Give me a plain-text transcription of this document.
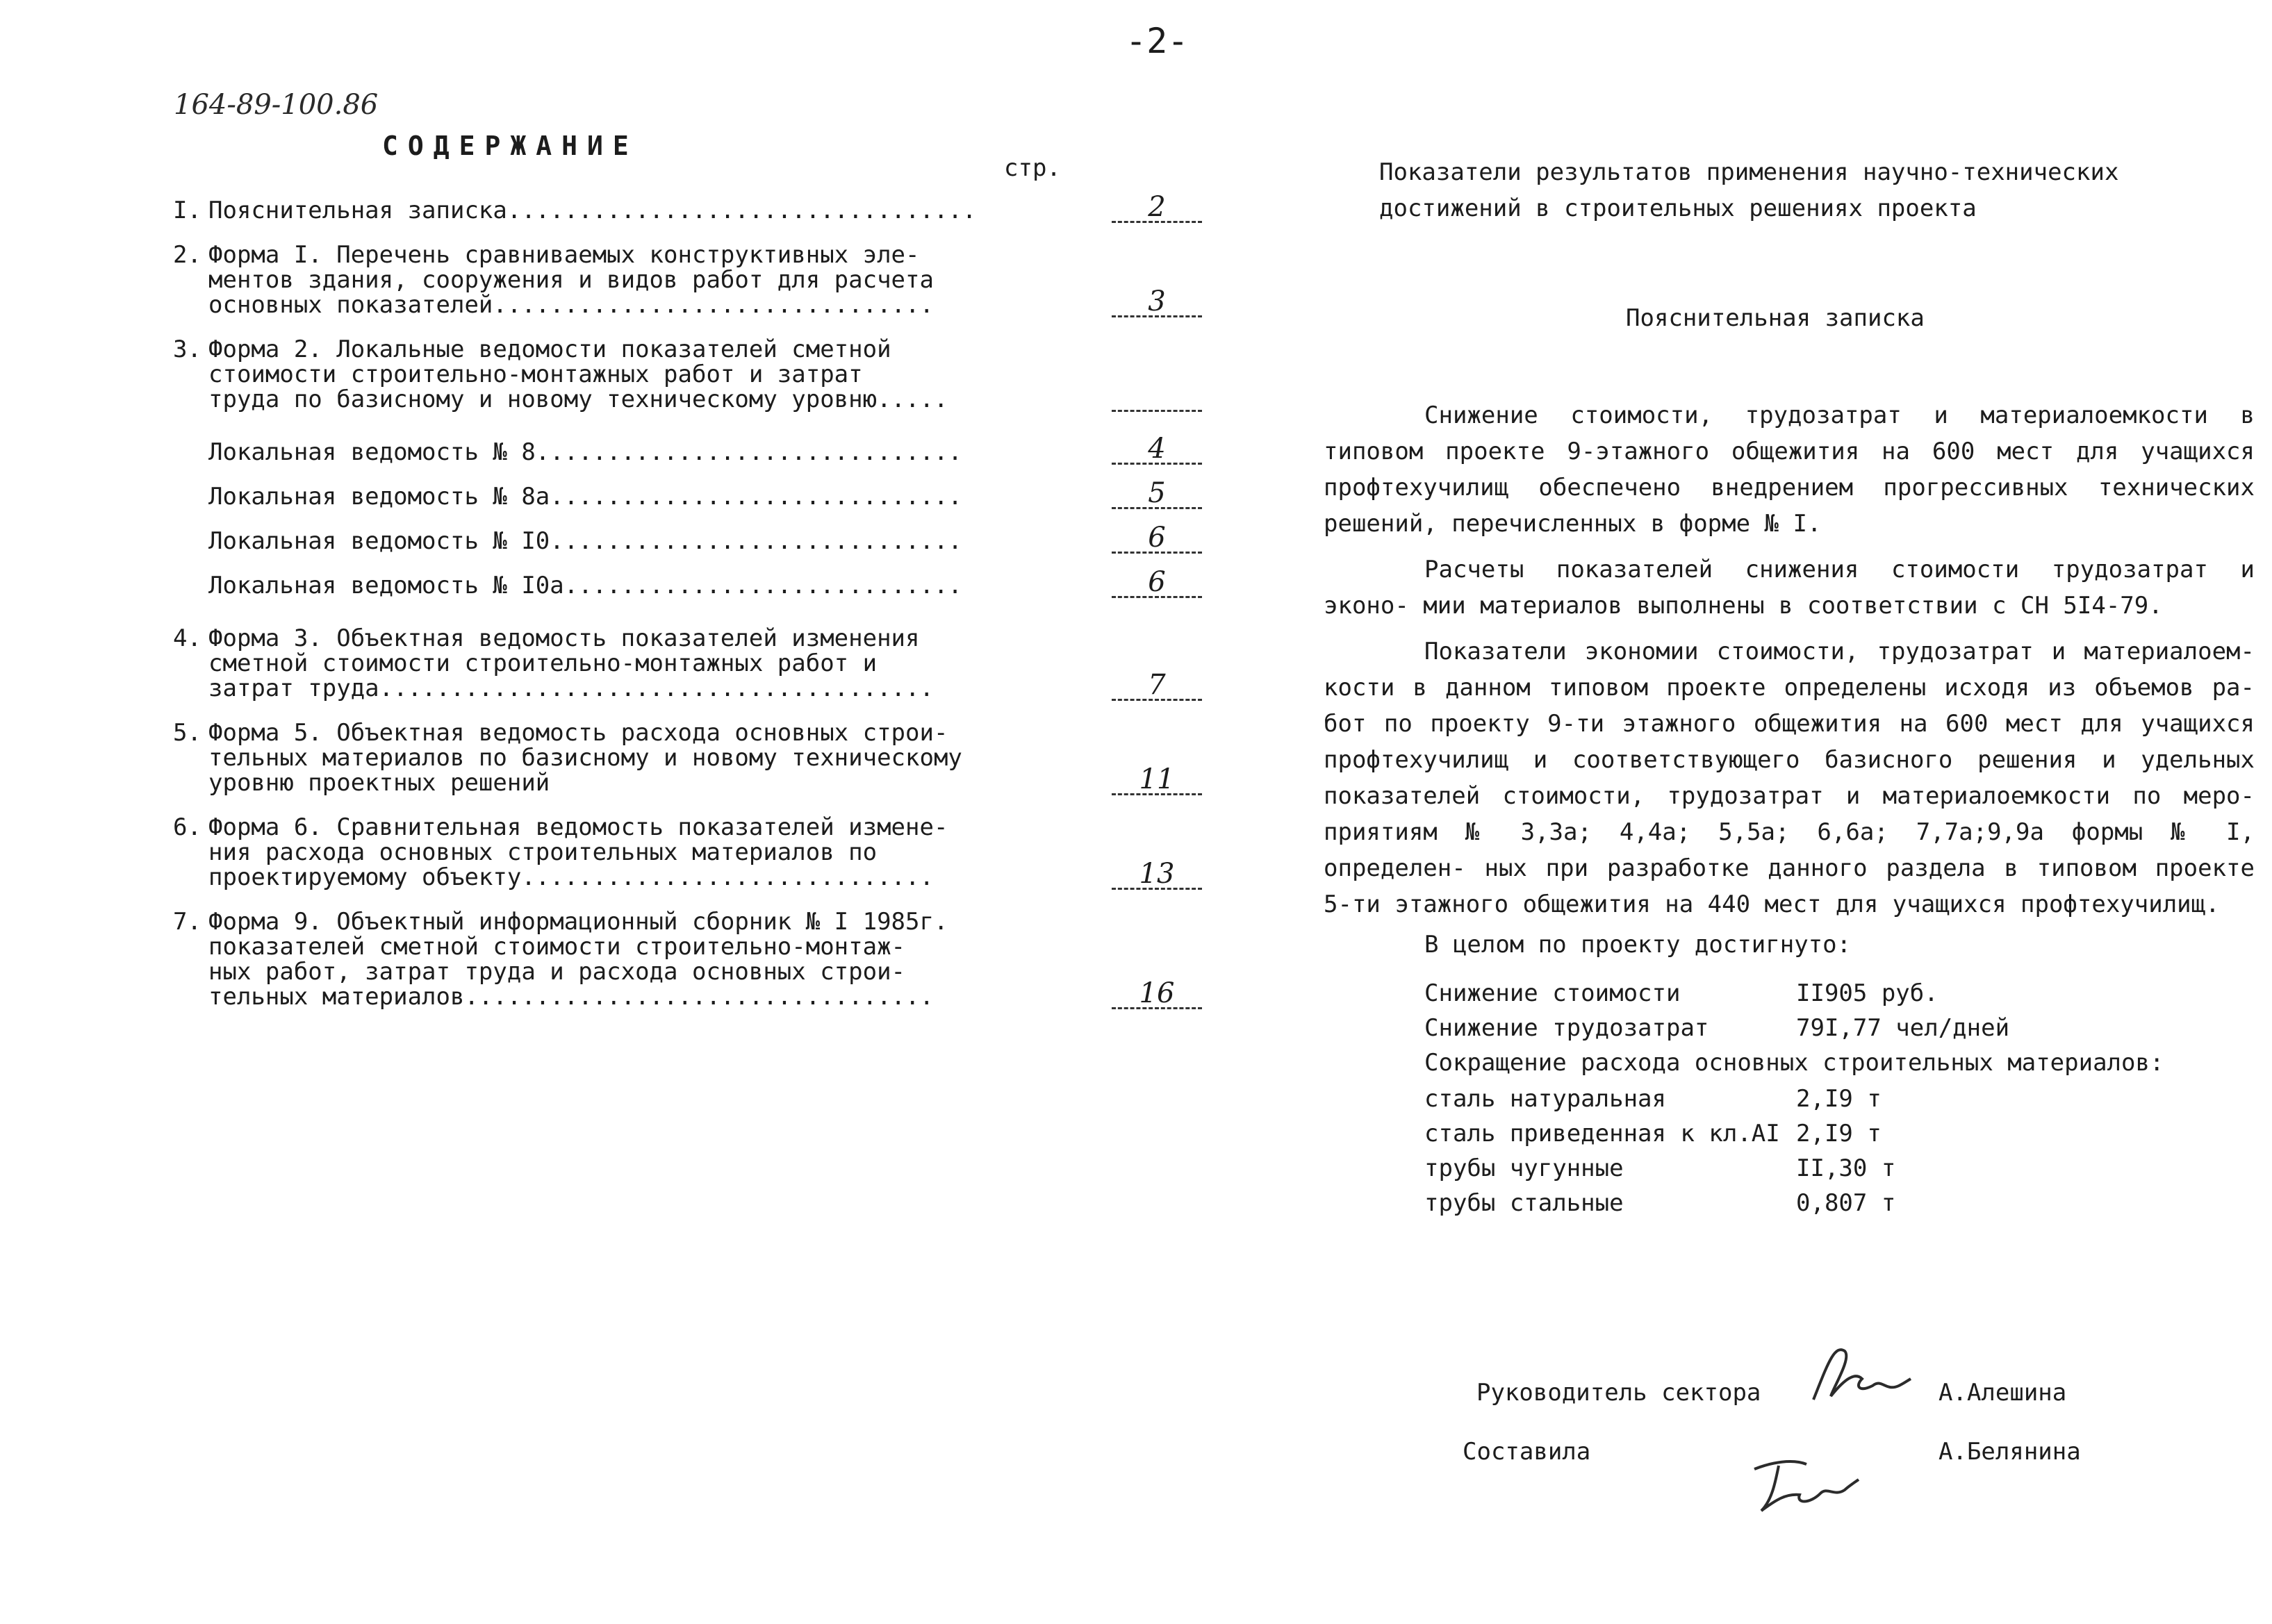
-2-
164-89-100.86
СОДЕРЖАНИЕ
стр.
I. Пояснительная записка.................................	2
2. Форма I. Перечень сравниваемых конструктивных эле-
ментов здания, сооружения и видов работ для расчета
основных показателей...............................	3
3. Форма 2. Локальные ведомости показателей сметной
стоимости строительно-монтажных работ и затрат
труда по базисному и новому техническому уровню.....
Локальная ведомость № 8..............................	4
Локальная ведомость № 8а.............................	5
Локальная ведомость № I0.............................	6
Локальная ведомость № I0а............................	6
4. Форма 3. Объектная ведомость показателей изменения
сметной стоимости строительно-монтажных работ и
затрат труда.......................................	7
5. Форма 5. Объектная ведомость расхода основных строи-
тельных материалов по базисному и новому техническому
уровню проектных решений	11
6. Форма 6. Сравнительная ведомость показателей измене-
ния расхода основных строительных материалов по
проектируемому объекту.............................	13
7. Форма 9. Объектный информационный сборник № I 1985г.
показателей сметной стоимости строительно-монтаж-
ных работ, затрат труда и расхода основных строи-
тельных материалов.................................	16
Показатели результатов применения научно-технических
достижений в строительных решениях проекта
Пояснительная записка

Снижение стоимости, трудозатрат и материалоемкости в типовом проекте 9-этажного общежития на 600 мест для учащихся профтехучилищ обеспечено внедрением прогрессивных технических решений, перечисленных в форме № I.

Расчеты показателей снижения стоимости трудозатрат и эконо- мии материалов выполнены в соответствии с СН 5I4-79.

Показатели экономии стоимости, трудозатрат и материалоем- кости в данном типовом проекте определены исходя из объемов ра- бот по проекту 9-ти этажного общежития на 600 мест для учащихся профтехучилищ и соответствующего базисного решения и удельных показателей стоимости, трудозатрат и материалоемкости по меро- приятиям № 3,3а; 4,4а; 5,5а; 6,6а; 7,7а;9,9а формы № I, определен- ных при разработке данного раздела в типовом проекте 5-ти этажного общежития на 440 мест для учащихся профтехучилищ.

В целом по проекту достигнуто:
Снижение стоимости	II905 руб.
Снижение трудозатрат	79I,77 чел/дней
Сокращение расхода основных строительных материалов:
сталь натуральная	2,I9 т
сталь приведенная к кл.AI 2,I9 т
трубы чугунные	II,30 т
трубы стальные	0,807 т
Руководитель сектора	А.Алешина
Составила	А.Белянина
